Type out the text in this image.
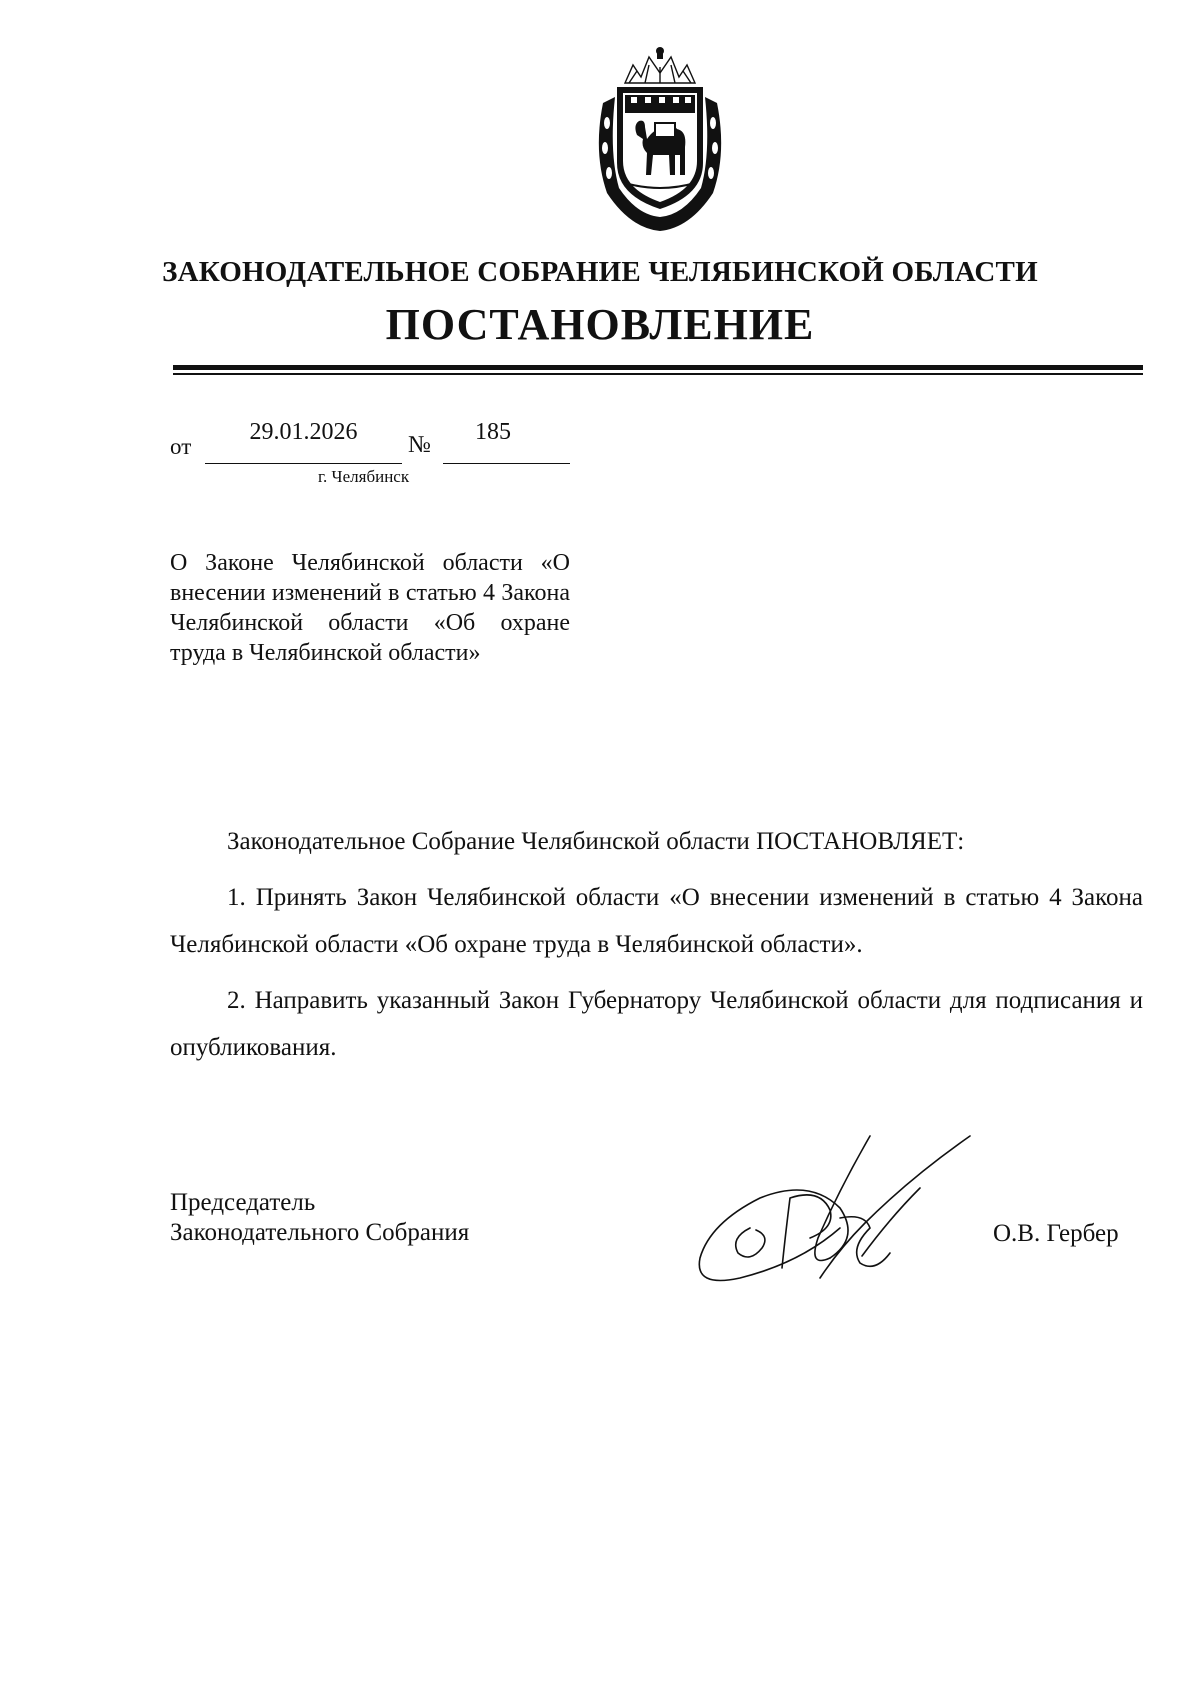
ЗАКОНОДАТЕЛЬНОЕ СОБРАНИЕ ЧЕЛЯБИНСКОЙ ОБЛАСТИ
ПОСТАНОВЛЕНИЕ
от
29.01.2026	№	185
г. Челябинск
О Законе Челябинской области «О внесении изменений в статью 4 Закона Челябинской области «Об охране труда в Челябинской области»

Законодательное Собрание Челябинской области ПОСТАНОВЛЯЕТ:

1. Принять Закон Челябинской области «О внесении изменений в статью 4 Закона Челябинской области «Об охране труда в Челябинской области».

2. Направить указанный Закон Губернатору Челябинской области для подписания и опубликования.

Председатель
Законодательного Собрания	О.В. Гербер
